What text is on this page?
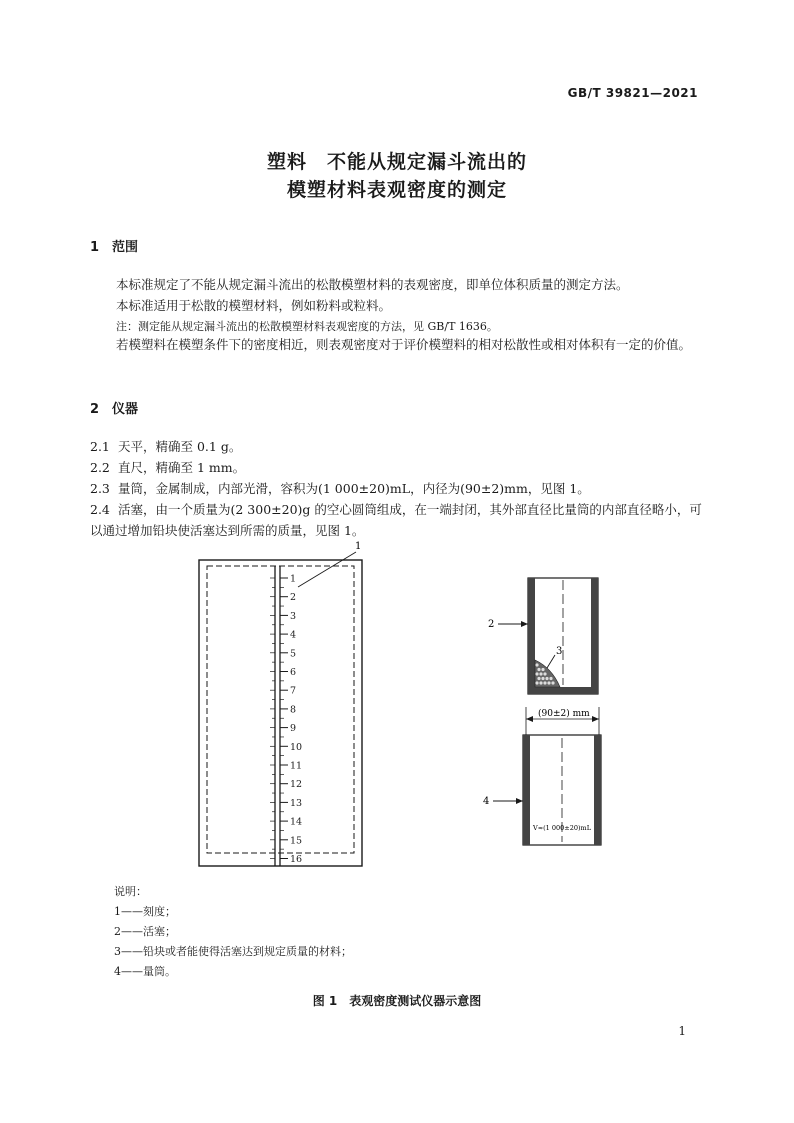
GB/T 39821—2021
塑料　不能从规定漏斗流出的
模塑材料表观密度的测定
1 范围
本标准规定了不能从规定漏斗流出的松散模塑材料的表观密度，即单位体积质量的测定方法。
本标准适用于松散的模塑材料，例如粉料或粒料。
注：测定能从规定漏斗流出的松散模塑材料表观密度的方法，见 GB/T 1636。
若模塑料在模塑条件下的密度相近，则表观密度对于评价模塑料的相对松散性或相对体积有一定的价值。
2 仪器
2.1 天平，精确至 0.1 g。
2.2 直尺，精确至 1 mm。
2.3 量筒，金属制成，内部光滑，容积为(1 000±20)mL，内径为(90±2)mm，见图 1。
2.4 活塞，由一个质量为(2 300±20)g 的空心圆筒组成，在一端封闭，其外部直径比量筒的内部直径略小，可以通过增加铅块使活塞达到所需的质量，见图 1。
1
2
3
4
5
6
7
8
9
10
11
12
13
14
15
16
1
2
3
(90±2) mm
V≈(1 000±20)mL
4
说明：
1——刻度；
2——活塞；
3——铅块或者能使得活塞达到规定质量的材料；
4——量筒。
图 1　表观密度测试仪器示意图
1
